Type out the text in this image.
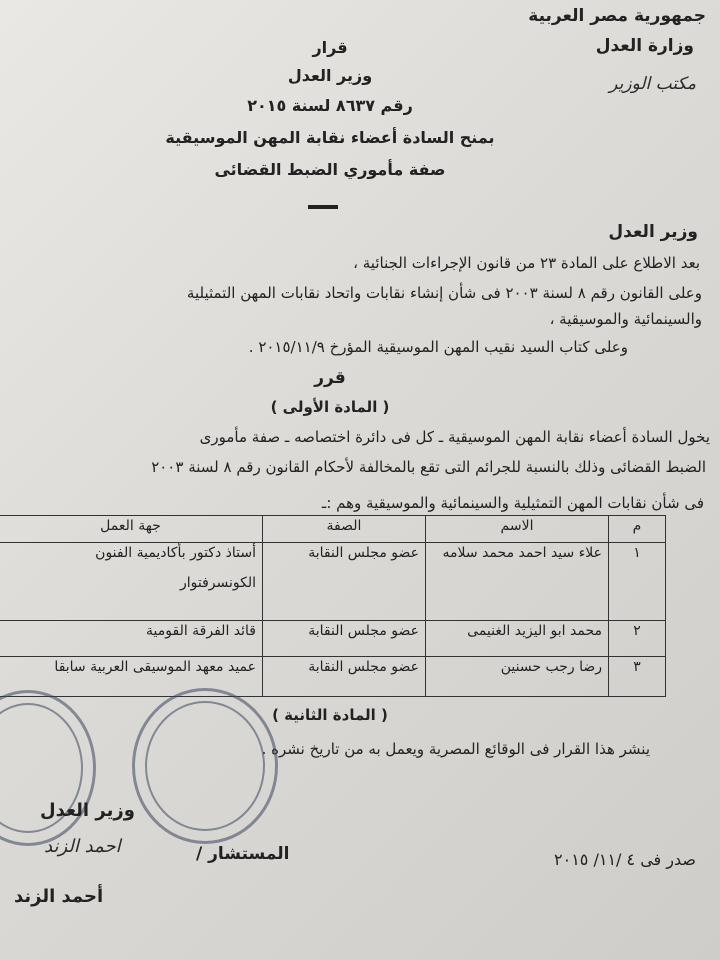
جمهورية مصر العربية
وزارة العدل
مكتب الوزير
قرار
وزير العدل
رقم ٨٦٣٧ لسنة ٢٠١٥
بمنح السادة أعضاء نقابة المهن الموسيقية
صفة مأموري الضبط القضائى
وزير العدل
بعد الاطلاع على المادة ٢٣ من قانون الإجراءات الجنائية ،
وعلى القانون رقم ٨ لسنة ٢٠٠٣ فى شأن إنشاء نقابات واتحاد نقابات المهن التمثيلية
والسينمائية والموسيقية ،
وعلى كتاب السيد نقيب المهن الموسيقية المؤرخ ٢٠١٥/١١/٩ .
قرر
( المادة الأولى )
يخول السادة أعضاء نقابة المهن الموسيقية ـ كل فى دائرة اختصاصه ـ صفة مأمورى
الضبط القضائى وذلك بالنسبة للجرائم التى تقع بالمخالفة لأحكام القانون رقم ٨ لسنة ٢٠٠٣
فى شأن نقابات المهن التمثيلية والسينمائية والموسيقية وهم :ـ
م	الاسم	الصفة	جهة العمل
١	علاء سيد احمد محمد سلامه	عضو مجلس النقابة	أستاذ دكتور بأكاديمية الفنون
الكونسرفتوار

٢	محمد ابو اليزيد الغنيمى	عضو مجلس النقابة	قائد الفرقة القومية
٣	رضا رجب حسنين	عضو مجلس النقابة	عميد معهد الموسيقى العربية سابقا
( المادة الثانية )
ينشر هذا القرار فى الوقائع المصرية ويعمل به من تاريخ نشره .
وزير العدل
احمد الزند	المستشار /
أحمد الزند
صدر فى ٤ /١١/ ٢٠١٥
